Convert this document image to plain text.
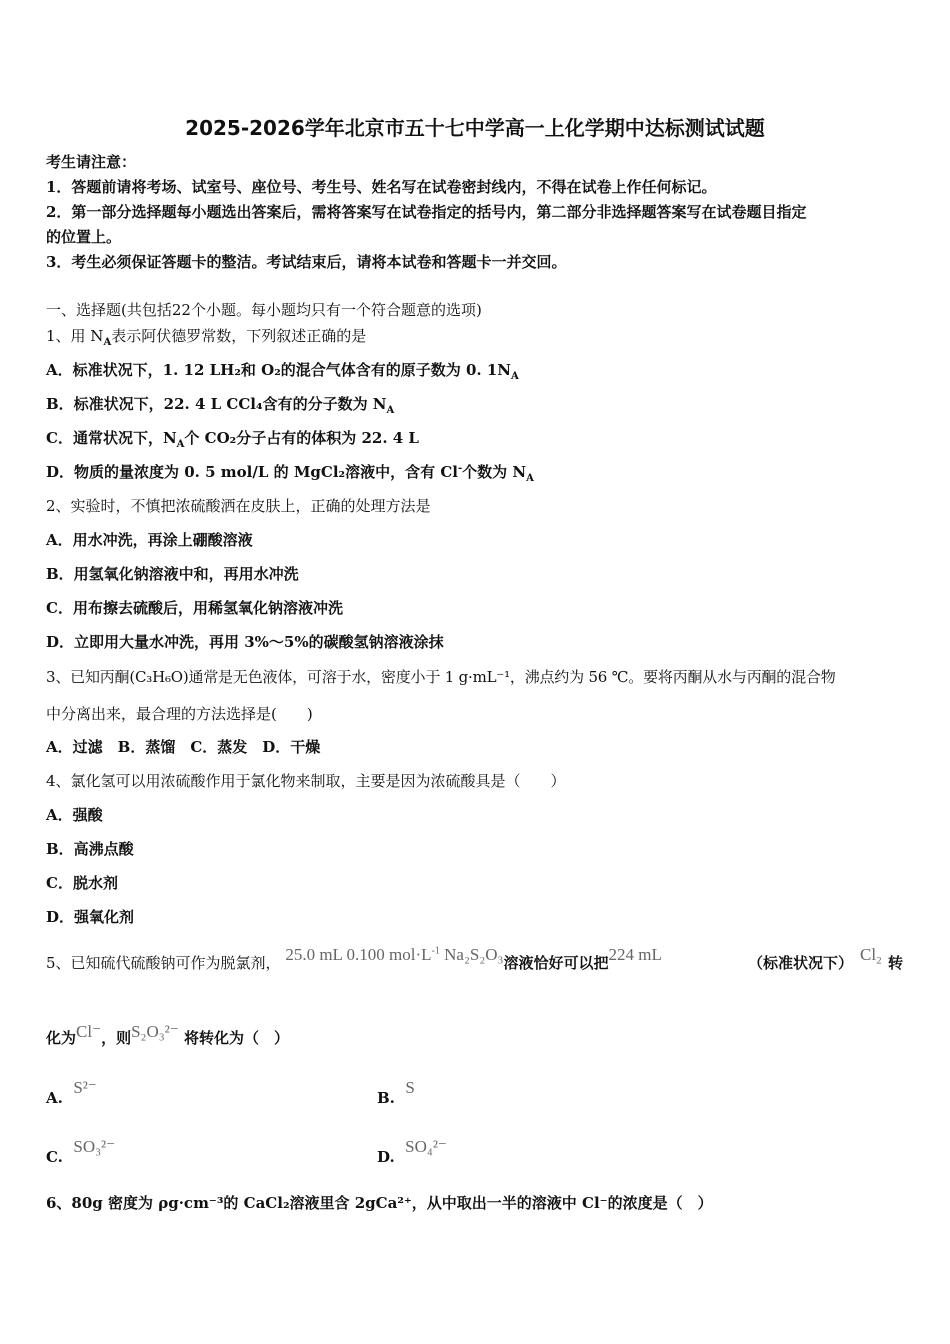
2025-2026学年北京市五十七中学高一上化学期中达标测试试题
考生请注意：
1．答题前请将考场、试室号、座位号、考生号、姓名写在试卷密封线内，不得在试卷上作任何标记。
2．第一部分选择题每小题选出答案后，需将答案写在试卷指定的括号内，第二部分非选择题答案写在试卷题目指定
的位置上。
3．考生必须保证答题卡的整洁。考试结束后，请将本试卷和答题卡一并交回。
一、选择题(共包括22个小题。每小题均只有一个符合题意的选项)
1、用 $N_A$表示阿伏德罗常数，下列叙述正确的是
A．标准状况下，1. 12 LH₂和 O₂的混合气体含有的原子数为 0. $1N_A$
B．标准状况下，22. 4 L CCl₄含有的分子数为 $N_A$
C．通常状况下，$N_A$个 CO₂分子占有的体积为 22. 4 L
D．物质的量浓度为 0. 5 mol/L 的 MgCl₂溶液中，含有 Cl-个数为 $N_A$
2、实验时，不慎把浓硫酸洒在皮肤上，正确的处理方法是
A．用水冲洗，再涂上硼酸溶液
B．用氢氧化钠溶液中和，再用水冲洗
C．用布擦去硫酸后，用稀氢氧化钠溶液冲洗
D．立即用大量水冲洗，再用 3%～5%的碳酸氢钠溶液涂抹
3、已知丙酮(C₃H₆O)通常是无色液体，可溶于水，密度小于 1 g·mL⁻¹，沸点约为 56 ℃。要将丙酮从水与丙酮的混合物
中分离出来，最合理的方法选择是(　　)
A．过滤　B．蒸馏　C．蒸发　D．干燥
4、氯化氢可以用浓硫酸作用于氯化物来制取，主要是因为浓硫酸具是（　　）
A．强酸
B．高沸点酸
C．脱水剂
D．强氧化剂
5、已知硫代硫酸钠可作为脱氯剂， 25.0 mL 0.100 $mol\cdot L^{-1}$ Na₂S₂O₃溶液恰好可以把224 mL	（标准状况下） Cl₂ 转
化为Cl⁻，则S₂O₃²⁻ 将转化为（　）
A.  S²⁻
B.  S
C.  SO₃²⁻
D.  SO₄²⁻
6、80g 密度为 ρg·cm⁻³的 CaCl₂溶液里含 2gCa²⁺，从中取出一半的溶液中 Cl⁻的浓度是（　）
